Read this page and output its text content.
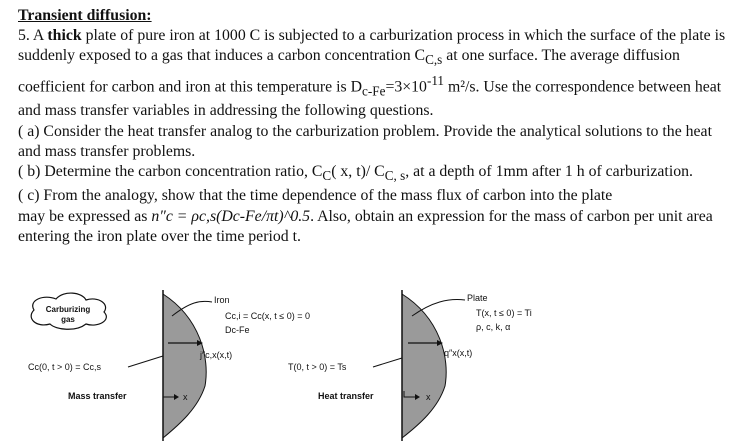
Transient diffusion:

5. A thick plate of pure iron at 1000 C is subjected to a carburization process in which the surface of the plate is suddenly exposed to a gas that induces a carbon concentration $C_{C,s}$ at one surface. The average diffusion coefficient for carbon and iron at this temperature is $D_{c-Fe}=3\times 10^{-11}$ m²/s. Use the correspondence between heat and mass transfer variables in addressing the following questions.

( a) Consider the heat transfer analog to the carburization problem. Provide the analytical solutions to the heat and mass transfer problems.

( b) Determine the carbon concentration ratio, $C_C$( x, t)/ $C_{C, s}$, at a depth of 1mm after 1 h of carburization.

( c) From the analogy, show that the time dependence of the mass flux of carbon into the plate
may be expressed as n″c = ρc,s(Dc-Fe/πt)^0.5. Also, obtain an expression for the mass of carbon per unit area entering the iron plate over the time period t.

Carburizing
gas
Iron
Cc,i = Cc(x, t ≤ 0) = 0
Dc-Fe
j″c,x(x,t)
Cc(0, t > 0) = Cc,s
Mass transfer	x
Plate
T(x, t ≤ 0) = Ti
ρ, c, k, α
q″x(x,t)
T(0, t > 0) = Ts
Heat transfer	x
